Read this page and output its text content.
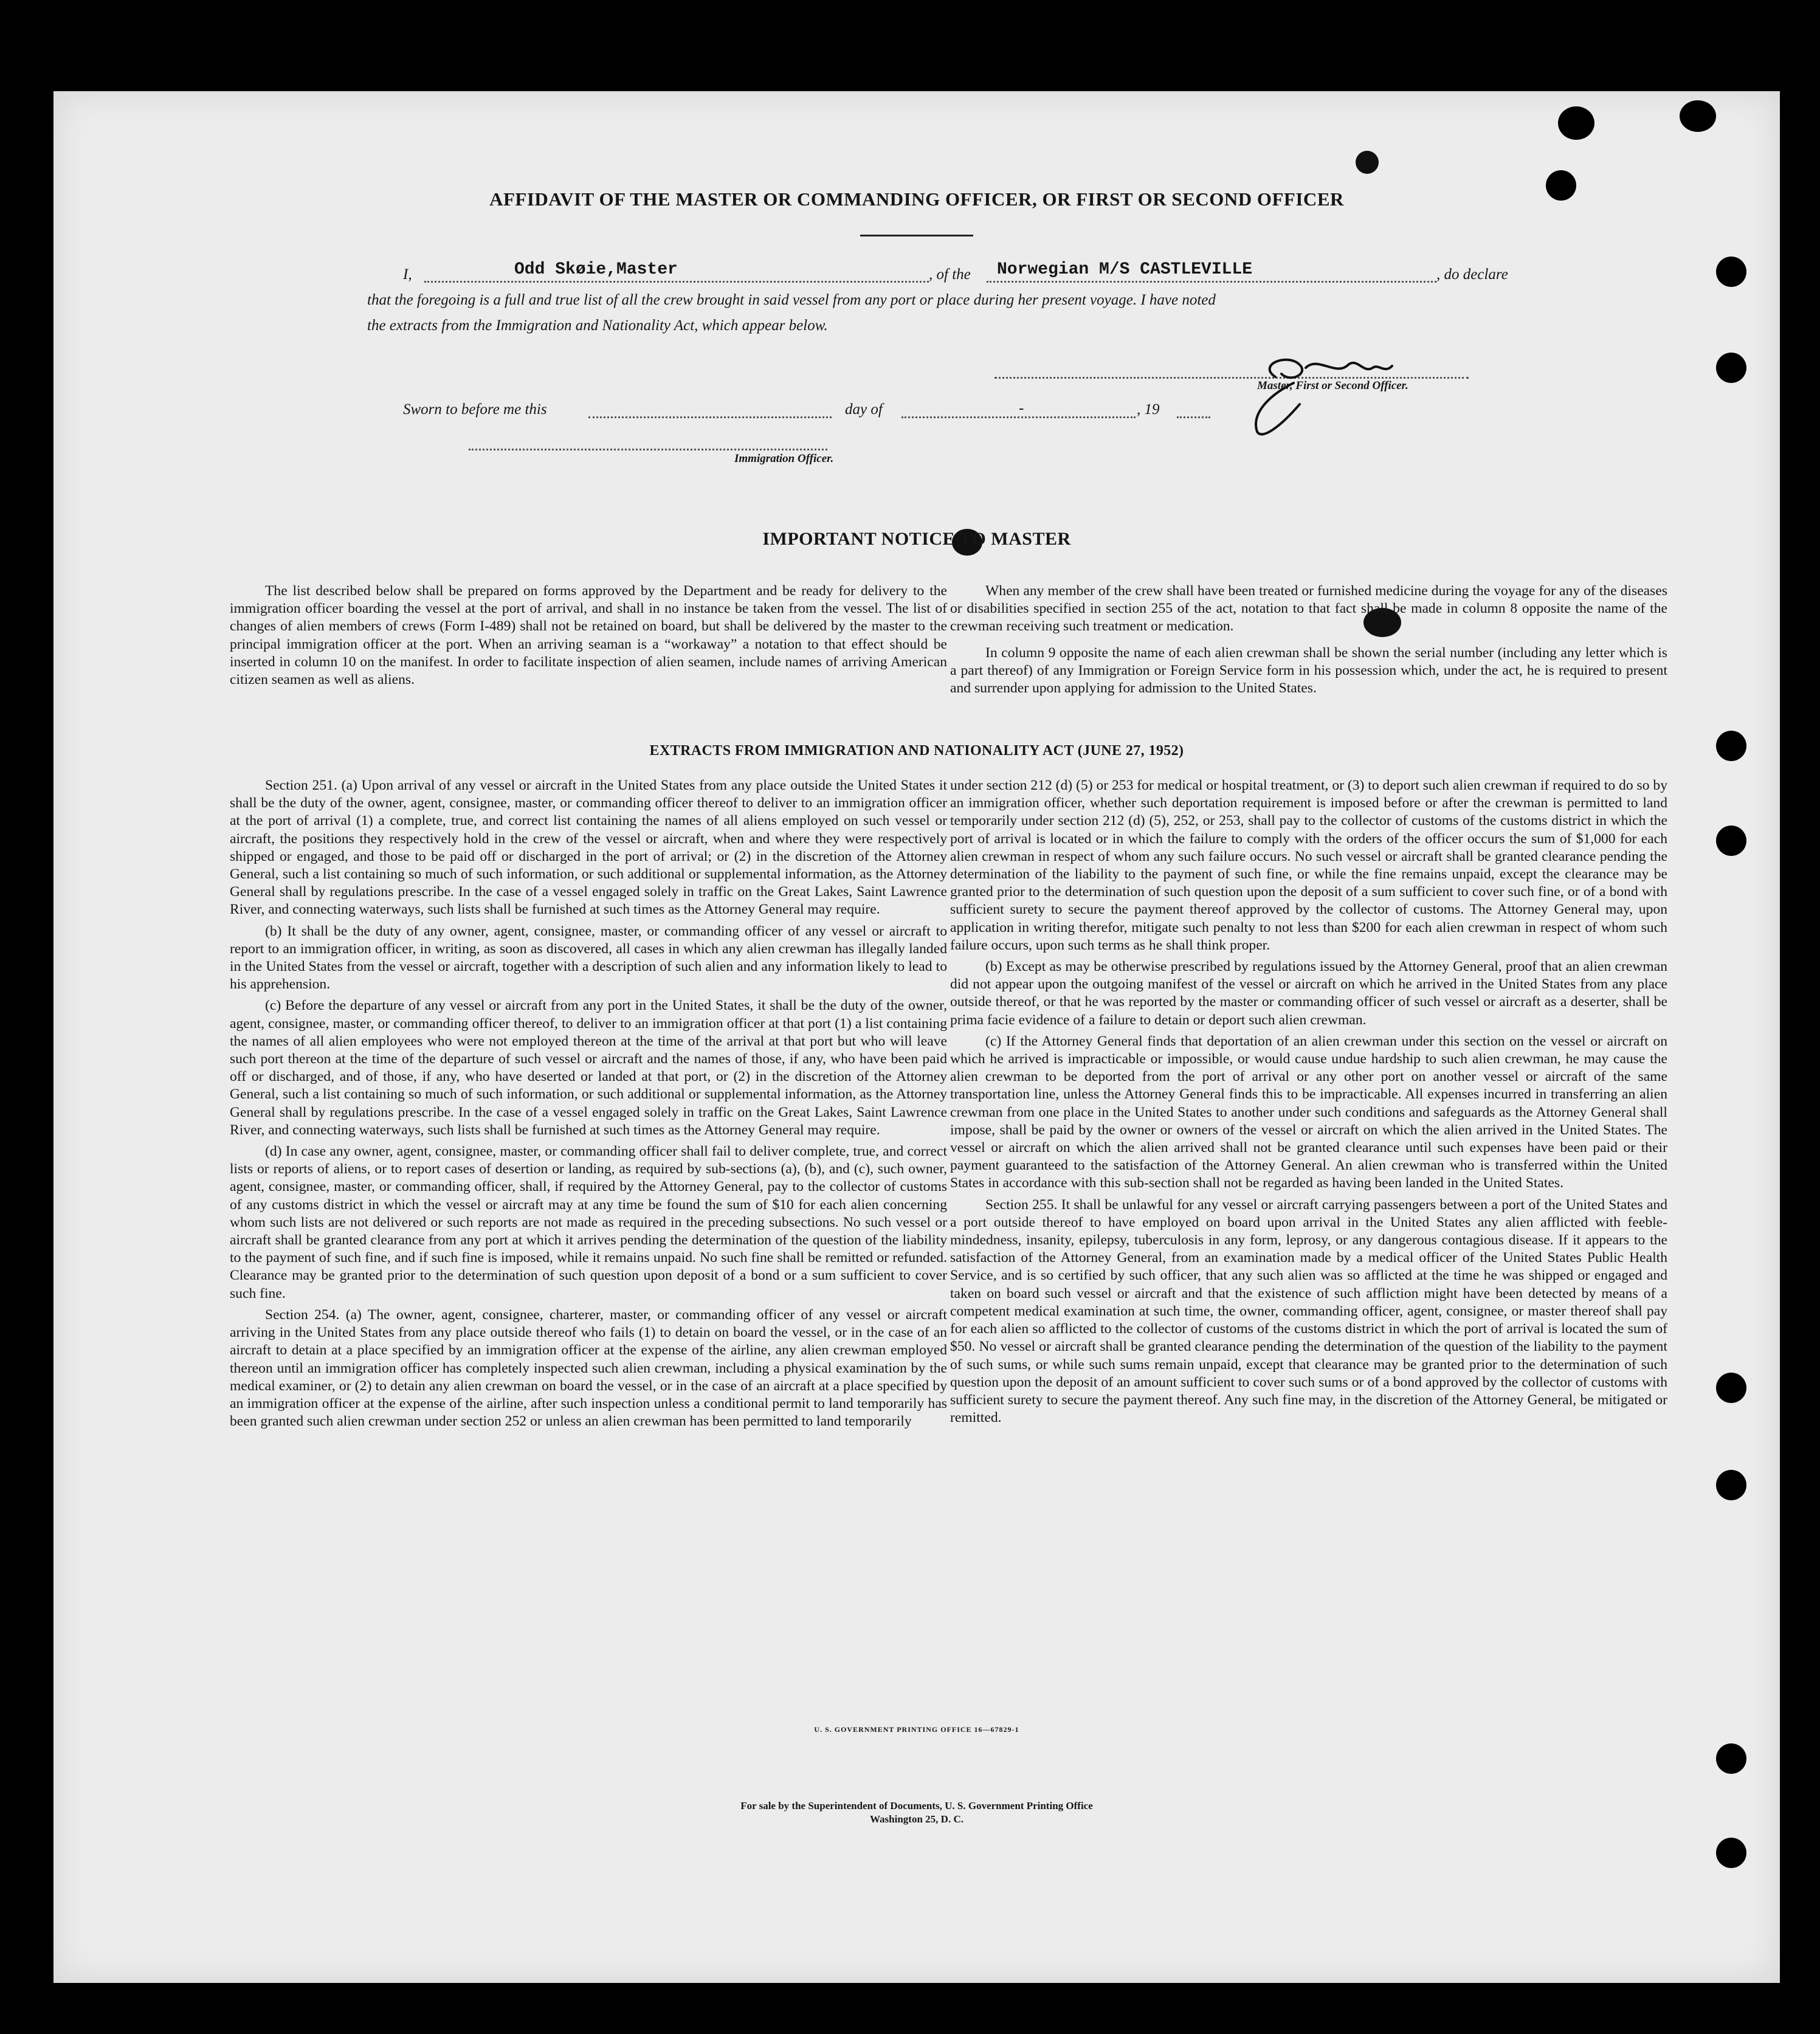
AFFIDAVIT OF THE MASTER OR COMMANDING OFFICER, OR FIRST OR SECOND OFFICER
I,	Odd Skøie,Master	, of the Norwegian M/S CASTLEVILLE	, do declare
that the foregoing is a full and true list of all the crew brought in said vessel from any port or place during her present voyage. I have noted
the extracts from the Immigration and Nationality Act, which appear below.
Master, First or Second Officer.
Sworn to before me this	day of	-	, 19
Immigration Officer.
IMPORTANT NOTICE TO MASTER

The list described below shall be prepared on forms approved by the Department and be ready for delivery to the immigration officer boarding the vessel at the port of arrival, and shall in no instance be taken from the vessel. The list of changes of alien members of crews (Form I-489) shall not be retained on board, but shall be delivered by the master to the principal immigration officer at the port. When an arriving seaman is a “workaway” a notation to that effect should be inserted in column 10 on the manifest. In order to facilitate inspection of alien seamen, include names of arriving American citizen seamen as well as aliens.

When any member of the crew shall have been treated or furnished medicine during the voyage for any of the diseases or disabilities specified in section 255 of the act, notation to that fact shall be made in column 8 opposite the name of the crewman receiving such treatment or medication.

In column 9 opposite the name of each alien crewman shall be shown the serial number (including any letter which is a part thereof) of any Immigration or Foreign Service form in his possession which, under the act, he is required to present and surrender upon applying for admission to the United States.

EXTRACTS FROM IMMIGRATION AND NATIONALITY ACT (JUNE 27, 1952)

Section 251. (a) Upon arrival of any vessel or aircraft in the United States from any place outside the United States it shall be the duty of the owner, agent, consignee, master, or commanding officer thereof to deliver to an immigration officer at the port of arrival (1) a complete, true, and correct list containing the names of all aliens employed on such vessel or aircraft, the positions they respectively hold in the crew of the vessel or aircraft, when and where they were respectively shipped or engaged, and those to be paid off or discharged in the port of arrival; or (2) in the discretion of the Attorney General, such a list containing so much of such information, or such additional or supplemental information, as the Attorney General shall by regulations prescribe. In the case of a vessel engaged solely in traffic on the Great Lakes, Saint Lawrence River, and connecting waterways, such lists shall be furnished at such times as the Attorney General may require.

(b) It shall be the duty of any owner, agent, consignee, master, or commanding officer of any vessel or aircraft to report to an immigration officer, in writing, as soon as discovered, all cases in which any alien crewman has illegally landed in the United States from the vessel or aircraft, together with a description of such alien and any information likely to lead to his apprehension.

(c) Before the departure of any vessel or aircraft from any port in the United States, it shall be the duty of the owner, agent, consignee, master, or commanding officer thereof, to deliver to an immigration officer at that port (1) a list containing the names of all alien employees who were not employed thereon at the time of the arrival at that port but who will leave such port thereon at the time of the departure of such vessel or aircraft and the names of those, if any, who have been paid off or discharged, and of those, if any, who have deserted or landed at that port, or (2) in the discretion of the Attorney General, such a list containing so much of such information, or such additional or supplemental information, as the Attorney General shall by regulations prescribe. In the case of a vessel engaged solely in traffic on the Great Lakes, Saint Lawrence River, and connecting waterways, such lists shall be furnished at such times as the Attorney General may require.

(d) In case any owner, agent, consignee, master, or commanding officer shall fail to deliver complete, true, and correct lists or reports of aliens, or to report cases of desertion or landing, as required by sub-sections (a), (b), and (c), such owner, agent, consignee, master, or commanding officer, shall, if required by the Attorney General, pay to the collector of customs of any customs district in which the vessel or aircraft may at any time be found the sum of $10 for each alien concerning whom such lists are not delivered or such reports are not made as required in the preceding subsections. No such vessel or aircraft shall be granted clearance from any port at which it arrives pending the determination of the question of the liability to the payment of such fine, and if such fine is imposed, while it remains unpaid. No such fine shall be remitted or refunded. Clearance may be granted prior to the determination of such question upon deposit of a bond or a sum sufficient to cover such fine.

Section 254. (a) The owner, agent, consignee, charterer, master, or commanding officer of any vessel or aircraft arriving in the United States from any place outside thereof who fails (1) to detain on board the vessel, or in the case of an aircraft to detain at a place specified by an immigration officer at the expense of the airline, any alien crewman employed thereon until an immigration officer has completely inspected such alien crewman, including a physical examination by the medical examiner, or (2) to detain any alien crewman on board the vessel, or in the case of an aircraft at a place specified by an immigration officer at the expense of the airline, after such inspection unless a conditional permit to land temporarily has been granted such alien crewman under section 252 or unless an alien crewman has been permitted to land temporarily

under section 212 (d) (5) or 253 for medical or hospital treatment, or (3) to deport such alien crewman if required to do so by an immigration officer, whether such deportation requirement is imposed before or after the crewman is permitted to land temporarily under section 212 (d) (5), 252, or 253, shall pay to the collector of customs of the customs district in which the port of arrival is located or in which the failure to comply with the orders of the officer occurs the sum of $1,000 for each alien crewman in respect of whom any such failure occurs. No such vessel or aircraft shall be granted clearance pending the determination of the liability to the payment of such fine, or while the fine remains unpaid, except the clearance may be granted prior to the determination of such question upon the deposit of a sum sufficient to cover such fine, or of a bond with sufficient surety to secure the payment thereof approved by the collector of customs. The Attorney General may, upon application in writing therefor, mitigate such penalty to not less than $200 for each alien crewman in respect of whom such failure occurs, upon such terms as he shall think proper.

(b) Except as may be otherwise prescribed by regulations issued by the Attorney General, proof that an alien crewman did not appear upon the outgoing manifest of the vessel or aircraft on which he arrived in the United States from any place outside thereof, or that he was reported by the master or commanding officer of such vessel or aircraft as a deserter, shall be prima facie evidence of a failure to detain or deport such alien crewman.

(c) If the Attorney General finds that deportation of an alien crewman under this section on the vessel or aircraft on which he arrived is impracticable or impossible, or would cause undue hardship to such alien crewman, he may cause the alien crewman to be deported from the port of arrival or any other port on another vessel or aircraft of the same transportation line, unless the Attorney General finds this to be impracticable. All expenses incurred in transferring an alien crewman from one place in the United States to another under such conditions and safeguards as the Attorney General shall impose, shall be paid by the owner or owners of the vessel or aircraft on which the alien arrived in the United States. The vessel or aircraft on which the alien arrived shall not be granted clearance until such expenses have been paid or their payment guaranteed to the satisfaction of the Attorney General. An alien crewman who is transferred within the United States in accordance with this sub-section shall not be regarded as having been landed in the United States.

Section 255. It shall be unlawful for any vessel or aircraft carrying passengers between a port of the United States and a port outside thereof to have employed on board upon arrival in the United States any alien afflicted with feeble-mindedness, insanity, epilepsy, tuberculosis in any form, leprosy, or any dangerous contagious disease. If it appears to the satisfaction of the Attorney General, from an examination made by a medical officer of the United States Public Health Service, and is so certified by such officer, that any such alien was so afflicted at the time he was shipped or engaged and taken on board such vessel or aircraft and that the existence of such affliction might have been detected by means of a competent medical examination at such time, the owner, commanding officer, agent, consignee, or master thereof shall pay for each alien so afflicted to the collector of customs of the customs district in which the port of arrival is located the sum of $50. No vessel or aircraft shall be granted clearance pending the determination of the question of the liability to the payment of such sums, or while such sums remain unpaid, except that clearance may be granted prior to the determination of such question upon the deposit of an amount sufficient to cover such sums or of a bond approved by the collector of customs with sufficient surety to secure the payment thereof. Any such fine may, in the discretion of the Attorney General, be mitigated or remitted.

U. S. GOVERNMENT PRINTING OFFICE 16—67829-1
For sale by the Superintendent of Documents, U. S. Government Printing Office
Washington 25, D. C.
